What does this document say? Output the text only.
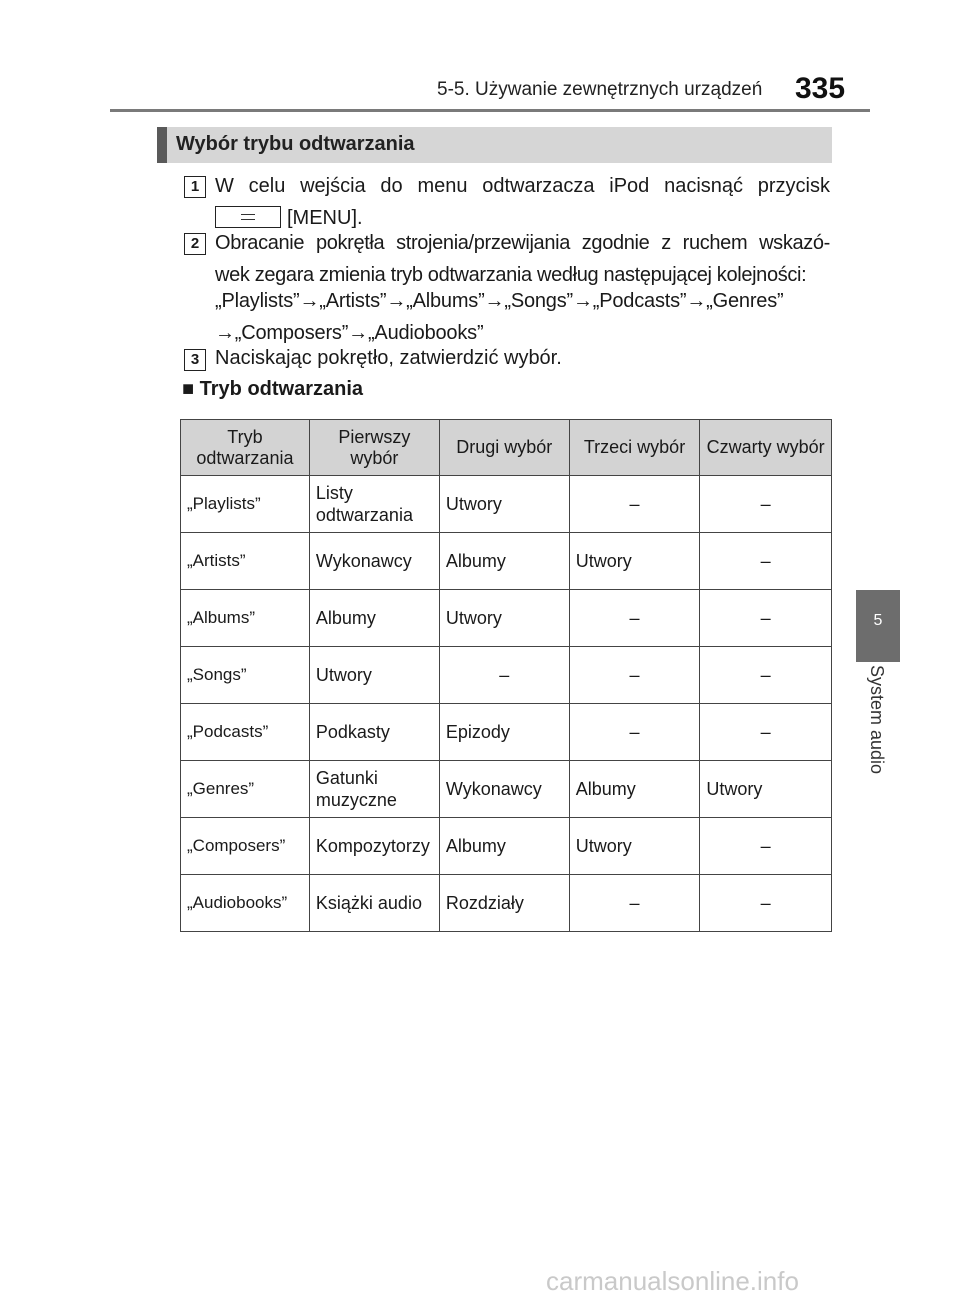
5-5. Używanie zewnętrznych urządzeń 335
5
System audio
Wybór trybu odtwarzania
1 W celu wejścia do menu odtwarzacza iPod nacisnąć przycisk
[MENU].
2 Obracanie pokrętła strojenia/przewijania zgodnie z ruchem wskazó- wek zegara zmienia tryb odtwarzania według następującej kolejności:
„Playlists”→„Artists”→„Albums”→„Songs”→„Podcasts”→„Genres” →„Composers”→„Audiobooks”
3 Naciskając pokrętło, zatwierdzić wybór.
■ Tryb odtwarzania
Tryb odtwarzania	Pierwszy wybór	Drugi wybór	Trzeci wybór	Czwarty wybór
„Playlists”	Listy odtwarzania	Utwory	–	–
„Artists”	Wykonawcy	Albumy	Utwory	–
„Albums”	Albumy	Utwory	–	–
„Songs”	Utwory	–	–	–
„Podcasts”	Podkasty	Epizody	–	–
„Genres”	Gatunki muzyczne	Wykonawcy	Albumy	Utwory
„Composers”	Kompozytorzy	Albumy	Utwory	–
„Audiobooks”	Książki audio	Rozdziały	–	–
carmanualsonline.info
